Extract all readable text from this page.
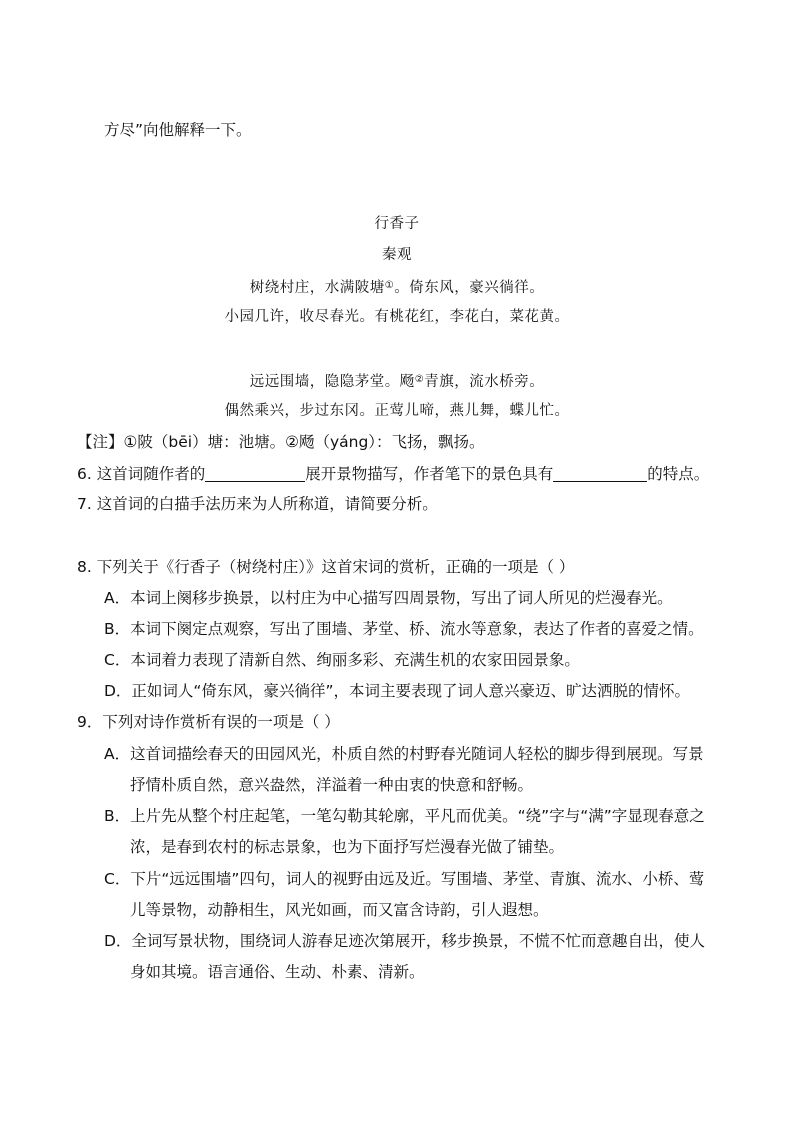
方尽”向他解释一下。
行香子
秦观
树绕村庄，水满陂塘①。倚东风，豪兴徜徉。
小园几许，收尽春光。有桃花红，李花白，菜花黄。
远远围墙，隐隐茅堂。飏②青旗，流水桥旁。
偶然乘兴，步过东冈。正莺儿啼，燕儿舞，蝶儿忙。
【注】①陂（bēi）塘：池塘。②飏（yáng）：飞扬，飘扬。
6. 这首词随作者的	展开景物描写，作者笔下的景色具有	的特点。
7. 这首词的白描手法历来为人所称道，请简要分析。
8. 下列关于《行香子（树绕村庄）》这首宋词的赏析，正确的一项是（ ）
A．本词上阕移步换景，以村庄为中心描写四周景物，写出了词人所见的烂漫春光。
B．本词下阕定点观察，写出了围墙、茅堂、桥、流水等意象，表达了作者的喜爱之情。
C．本词着力表现了清新自然、绚丽多彩、充满生机的农家田园景象。
D．正如词人“倚东风，豪兴徜徉”，本词主要表现了词人意兴豪迈、旷达洒脱的情怀。
9．下列对诗作赏析有误的一项是（ ）
A．这首词描绘春天的田园风光，朴质自然的村野春光随词人轻松的脚步得到展现。写景
抒情朴质自然，意兴盎然，洋溢着一种由衷的快意和舒畅。
B．上片先从整个村庄起笔，一笔勾勒其轮廓，平凡而优美。“绕”字与“满”字显现春意之
浓，是春到农村的标志景象，也为下面抒写烂漫春光做了铺垫。
C．下片“远远围墙”四句，词人的视野由远及近。写围墙、茅堂、青旗、流水、小桥、莺
儿等景物，动静相生，风光如画，而又富含诗韵，引人遐想。
D．全词写景状物，围绕词人游春足迹次第展开，移步换景，不慌不忙而意趣自出，使人
身如其境。语言通俗、生动、朴素、清新。
